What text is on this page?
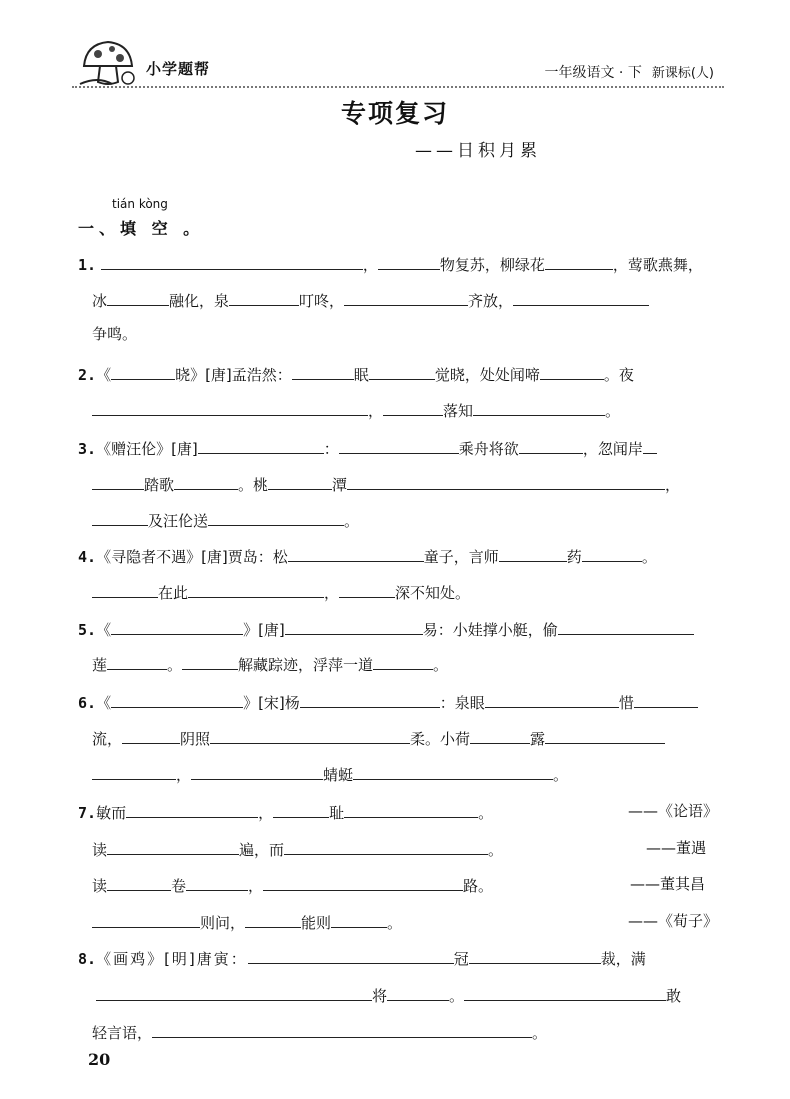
小学题帮	一年级语文 · 下 新课标(人)
专项复习
——日积月累
tián kòng
一、填 空 。
1.	，	物复苏，柳绿花	，莺歌燕舞，
冰	融化，泉	叮咚，	齐放，
争鸣。
2.《	晓》[唐]孟浩然：	眠	觉晓，处处闻啼	。夜
，	落知	。
3.《赠汪伦》[唐]	：	乘舟将欲	，忽闻岸
踏歌	。桃	潭	，
及汪伦送	。
4.《寻隐者不遇》[唐]贾岛：松	童子，言师	药	。
在此	，	深不知处。
5.《	》[唐]	易：小娃撑小艇，偷
莲	。	解藏踪迹，浮萍一道	。
6.《	》[宋]杨	：泉眼	惜
流，	阴照	柔。小荷	露
，	蜻蜓	。
7.敏而	，	耻	。	——《论语》
读	遍，而	。	——董遇
读	卷	，	路。	——董其昌
则问，	能则	。	——《荀子》
8.《画鸡》[明]唐寅：	冠	裁，满
将	。	敢
轻言语，	。
20
